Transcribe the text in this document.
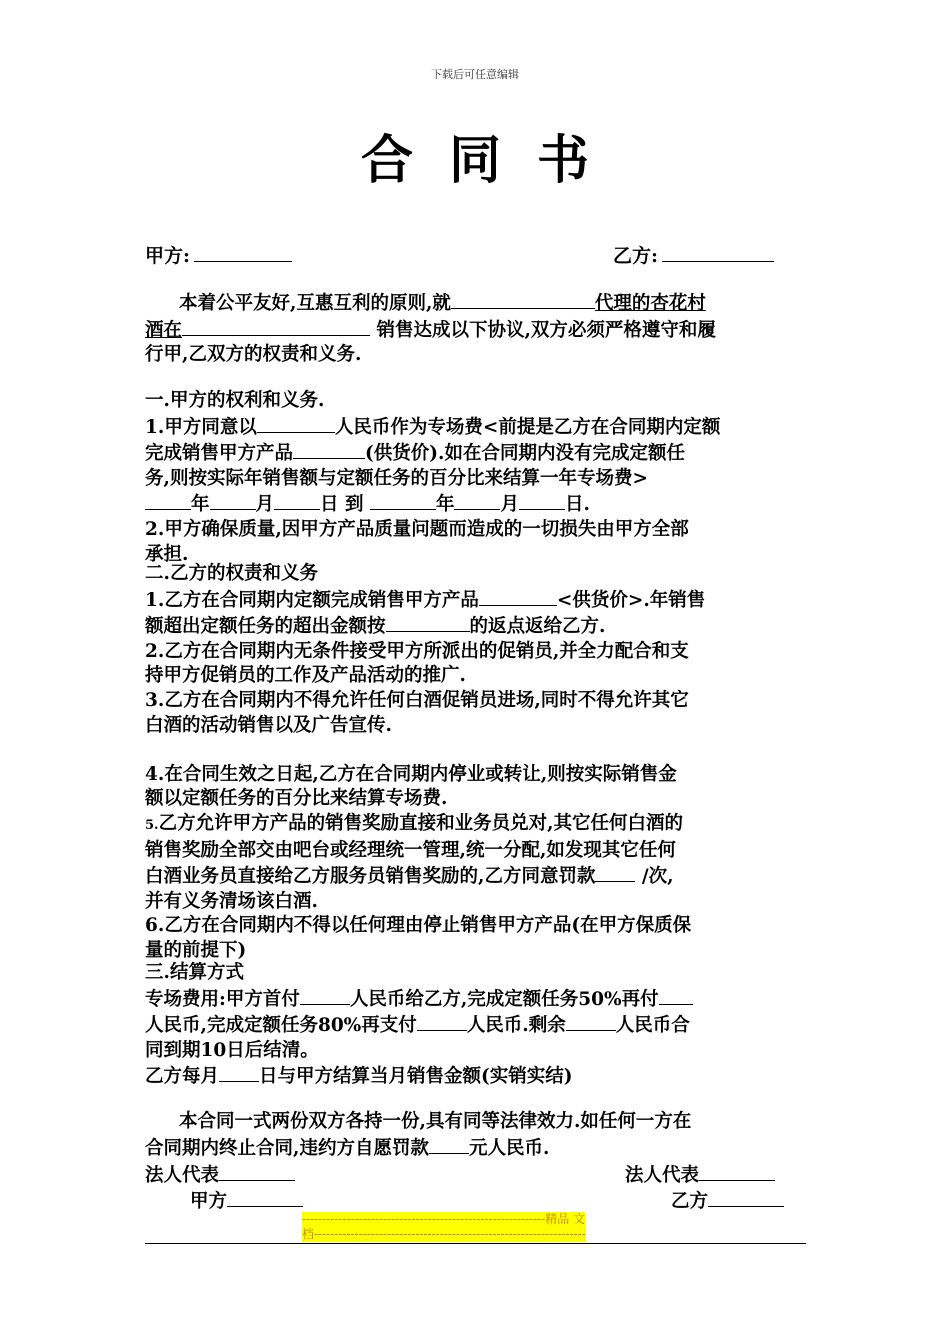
下载后可任意编辑
合同书
甲方:	乙方:
本着公平友好,互惠互利的原则,就	代理的杏花村
酒在	销售达成以下协议,双方必须严格遵守和履
行甲,乙双方的权责和义务.
一.甲方的权利和义务.
1.甲方同意以	人民币作为专场费<前提是乙方在合同期内定额
完成销售甲方产品	(供货价).如在合同期内没有完成定额任
务,则按实际年销售额与定额任务的百分比来结算一年专场费>
年 月 日 到	年 月 日.
2.甲方确保质量,因甲方产品质量问题而造成的一切损失由甲方全部
承担.
二.乙方的权责和义务
1.乙方在合同期内定额完成销售甲方产品	<供货价>.年销售
额超出定额任务的超出金额按	的返点返给乙方.
2.乙方在合同期内无条件接受甲方所派出的促销员,并全力配合和支
持甲方促销员的工作及产品活动的推广.
3.乙方在合同期内不得允许任何白酒促销员进场,同时不得允许其它
白酒的活动销售以及广告宣传.
4.在合同生效之日起,乙方在合同期内停业或转让,则按实际销售金
额以定额任务的百分比来结算专场费.
5.乙方允许甲方产品的销售奖励直接和业务员兑对,其它任何白酒的
销售奖励全部交由吧台或经理统一管理,统一分配,如发现其它任何
白酒业务员直接给乙方服务员销售奖励的,乙方同意罚款 /次,
并有义务清场该白酒.
6.乙方在合同期内不得以任何理由停止销售甲方产品(在甲方保质保
量的前提下)
三.结算方式
专场费用:甲方首付	人民币给乙方,完成定额任务50%再付
人民币,完成定额任务80%再支付	人民币.剩余	人民币合
同到期10日后结清。
乙方每月 日与甲方结算当月销售金额(实销实结)
本合同一式两份双方各持一份,具有同等法律效力.如任何一方在
合同期内终止合同,违约方自愿罚款 元人民币.
法人代表	法人代表
甲方	乙方
------------------------------------------------------------精品 文
档-------------------------------------------------------------------
